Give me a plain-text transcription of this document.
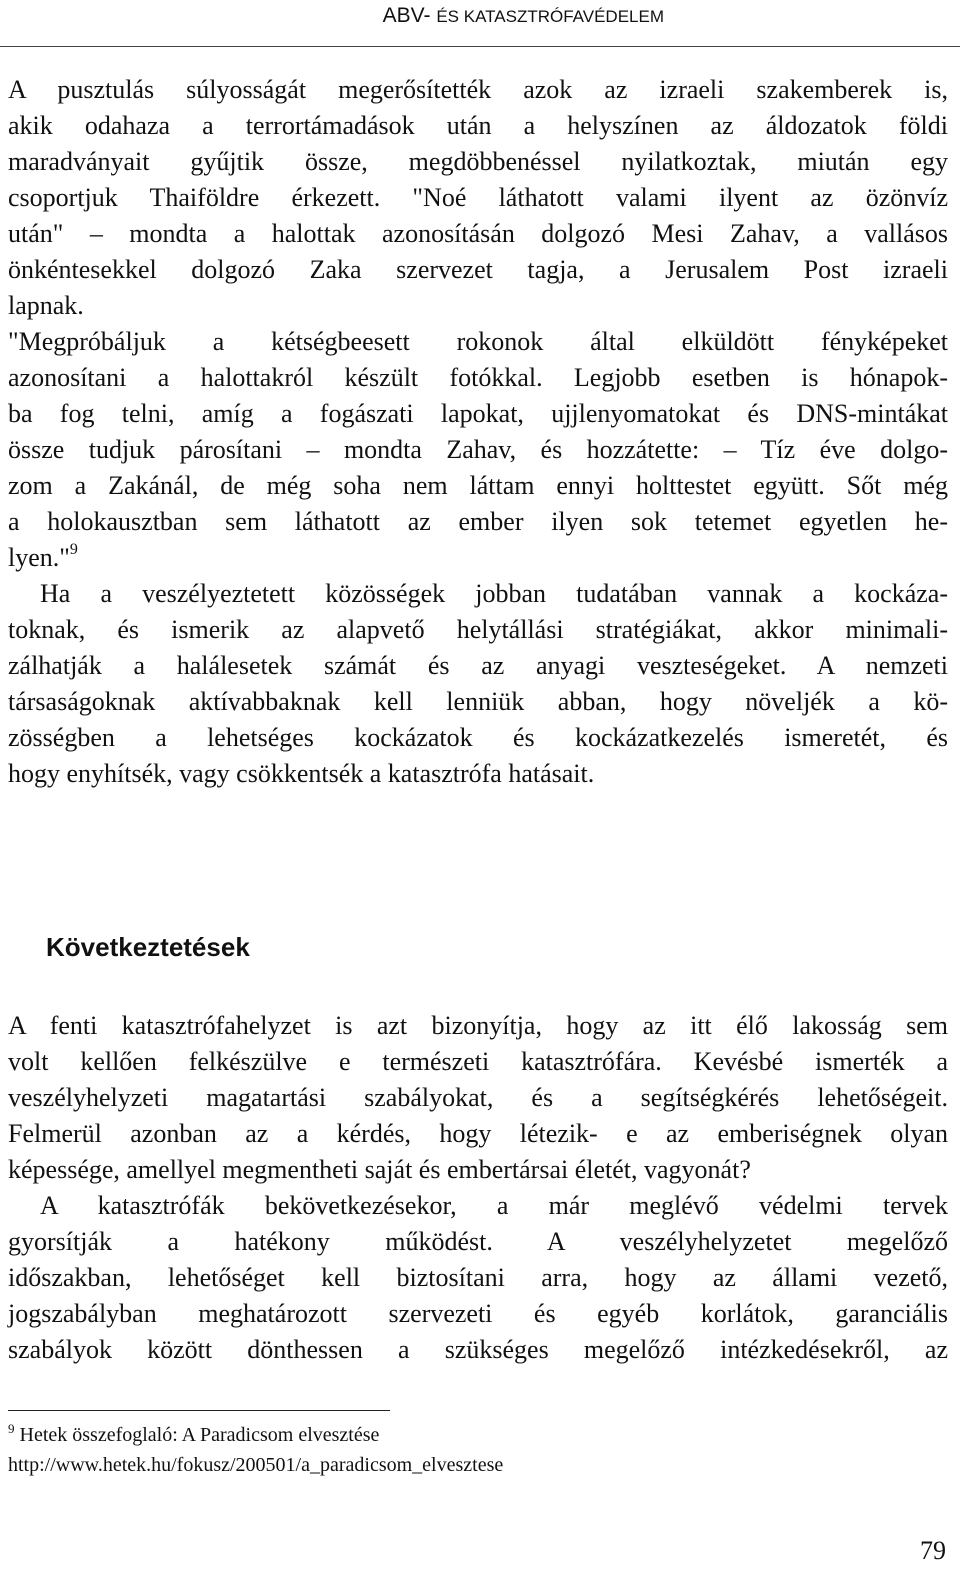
ABV- ÉS KATASZTRÓFAVÉDELEM
A pusztulás súlyosságát megerősítették azok az izraeli szakemberek is,
akik odahaza a terrortámadások után a helyszínen az áldozatok földi
maradványait gyűjtik össze, megdöbbenéssel nyilatkoztak, miután egy
csoportjuk Thaiföldre érkezett. "Noé láthatott valami ilyent az özönvíz
után" – mondta a halottak azonosításán dolgozó Mesi Zahav, a vallásos
önkéntesekkel dolgozó Zaka szervezet tagja, a Jerusalem Post izraeli
lapnak.
"Megpróbáljuk a kétségbeesett rokonok által elküldött fényképeket
azonosítani a halottakról készült fotókkal. Legjobb esetben is hónapok-
ba fog telni, amíg a fogászati lapokat, ujjlenyomatokat és DNS-mintákat
össze tudjuk párosítani – mondta Zahav, és hozzátette: – Tíz éve dolgo-
zom a Zakánál, de még soha nem láttam ennyi holttestet együtt. Sőt még
a holokausztban sem láthatott az ember ilyen sok tetemet egyetlen he-
lyen."$^9$
Ha a veszélyeztetett közösségek jobban tudatában vannak a kockáza-
toknak, és ismerik az alapvető helytállási stratégiákat, akkor minimali-
zálhatják a halálesetek számát és az anyagi veszteségeket. A nemzeti
társaságoknak aktívabbaknak kell lenniük abban, hogy növeljék a kö-
zösségben a lehetséges kockázatok és kockázatkezelés ismeretét, és
hogy enyhítsék, vagy csökkentsék a katasztrófa hatásait.
Következtetések
A fenti katasztrófahelyzet is azt bizonyítja, hogy az itt élő lakosság sem
volt kellően felkészülve e természeti katasztrófára. Kevésbé ismerték a
veszélyhelyzeti magatartási szabályokat, és a segítségkérés lehetőségeit.
Felmerül azonban az a kérdés, hogy létezik- e az emberiségnek olyan
képessége, amellyel megmentheti saját és embertársai életét, vagyonát?
A katasztrófák bekövetkezésekor, a már meglévő védelmi tervek
gyorsítják a hatékony működést. A veszélyhelyzetet megelőző
időszakban, lehetőséget kell biztosítani arra, hogy az állami vezető,
jogszabályban meghatározott szervezeti és egyéb korlátok, garanciális
szabályok között dönthessen a szükséges megelőző intézkedésekről, az
$^9$ Hetek összefoglaló: A Paradicsom elvesztése
http://www.hetek.hu/fokusz/200501/a_paradicsom_elvesztese
79
